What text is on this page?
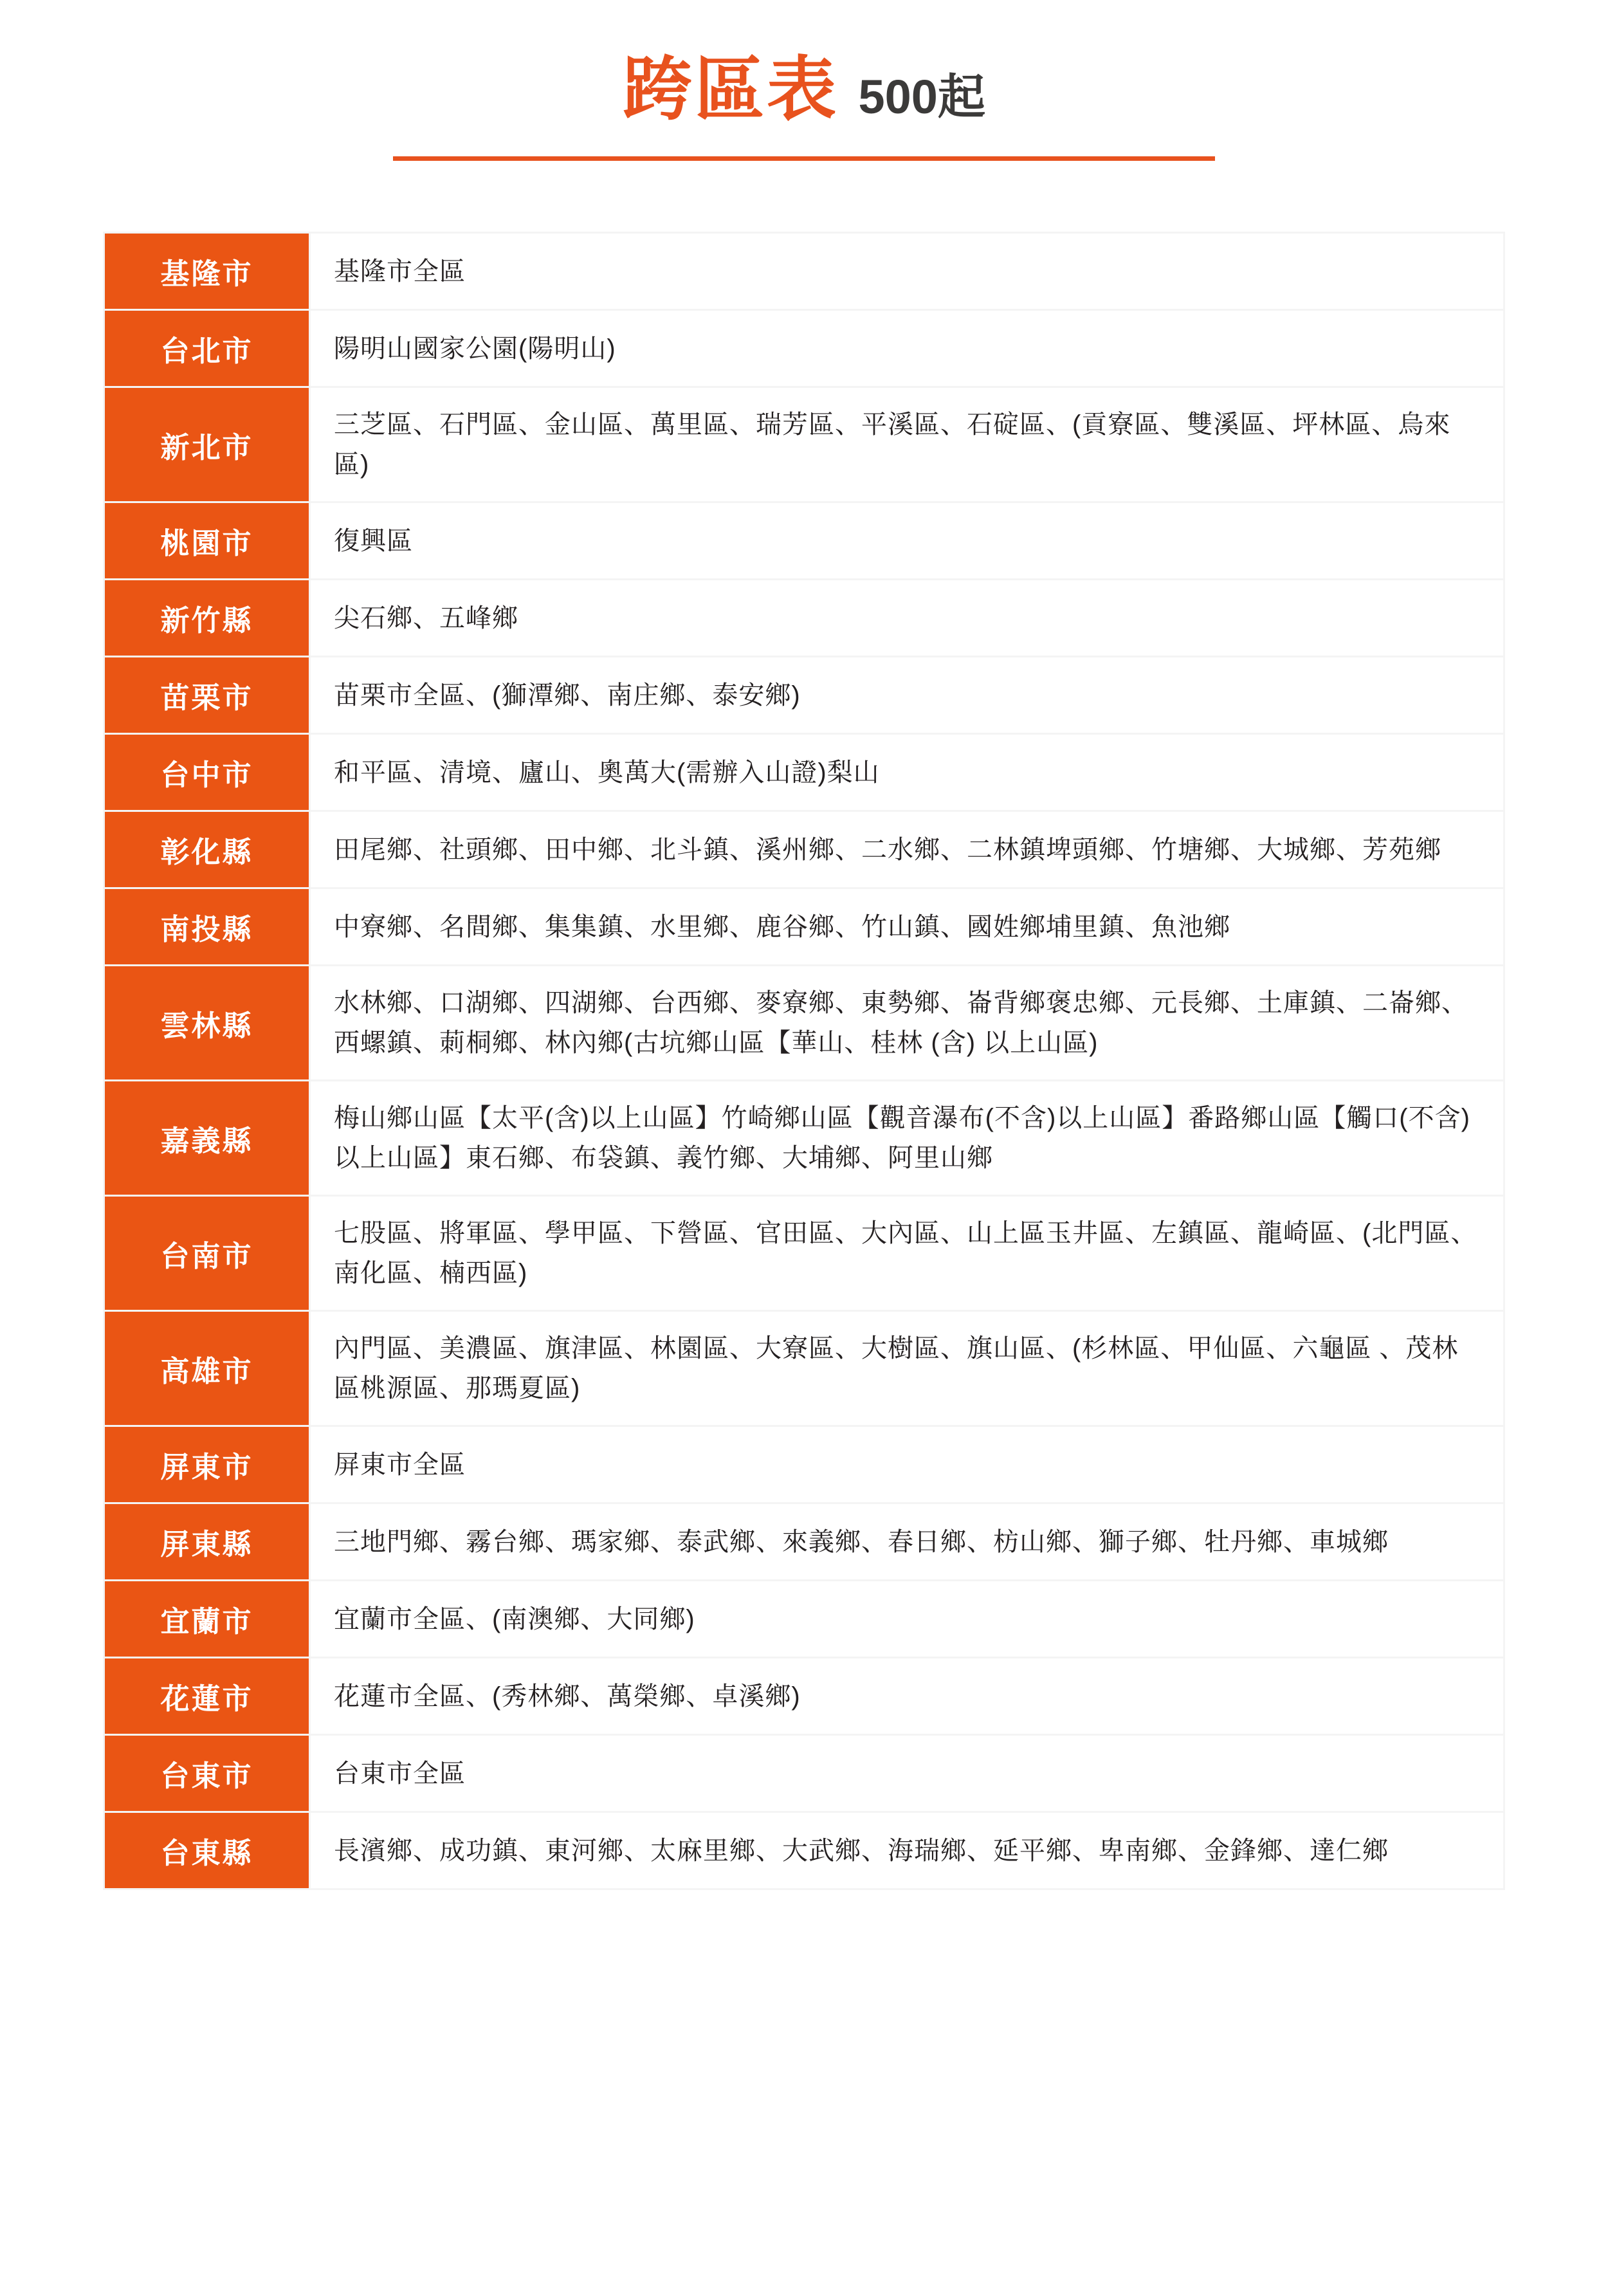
跨區表 500起
基隆市	基隆市全區
台北市	陽明山國家公園(陽明山)
新北市	三芝區、石門區、金山區、萬里區、瑞芳區、平溪區、石碇區、(貢寮區、雙溪區、坪林區、烏來區)
桃園市	復興區
新竹縣	尖石鄉、五峰鄉
苗栗市	苗栗市全區、(獅潭鄉、南庄鄉、泰安鄉)
台中市	和平區、清境、廬山、奧萬大(需辦入山證)梨山
彰化縣	田尾鄉、社頭鄉、田中鄉、北斗鎮、溪州鄉、二水鄉、二林鎮埤頭鄉、竹塘鄉、大城鄉、芳苑鄉
南投縣	中寮鄉、名間鄉、集集鎮、水里鄉、鹿谷鄉、竹山鎮、國姓鄉埔里鎮、魚池鄉
雲林縣	水林鄉、口湖鄉、四湖鄉、台西鄉、麥寮鄉、東勢鄉、崙背鄉褒忠鄉、元長鄉、土庫鎮、二崙鄉、西螺鎮、莿桐鄉、林內鄉(古坑鄉山區【華山、桂林 (含) 以上山區)
嘉義縣	梅山鄉山區【太平(含)以上山區】竹崎鄉山區【觀音瀑布(不含)以上山區】番路鄉山區【觸口(不含)以上山區】東石鄉、布袋鎮、義竹鄉、大埔鄉、阿里山鄉
台南市	七股區、將軍區、學甲區、下營區、官田區、大內區、山上區玉井區、左鎮區、龍崎區、(北門區、南化區、楠西區)
高雄市	內門區、美濃區、旗津區、林園區、大寮區、大樹區、旗山區、(杉林區、甲仙區、六龜區 、茂林區桃源區、那瑪夏區)
屏東市	屏東市全區
屏東縣	三地門鄉、霧台鄉、瑪家鄉、泰武鄉、來義鄉、春日鄉、枋山鄉、獅子鄉、牡丹鄉、車城鄉
宜蘭市	宜蘭市全區、(南澳鄉、大同鄉)
花蓮市	花蓮市全區、(秀林鄉、萬榮鄉、卓溪鄉)
台東市	台東市全區
台東縣	長濱鄉、成功鎮、東河鄉、太麻里鄉、大武鄉、海瑞鄉、延平鄉、卑南鄉、金鋒鄉、達仁鄉
